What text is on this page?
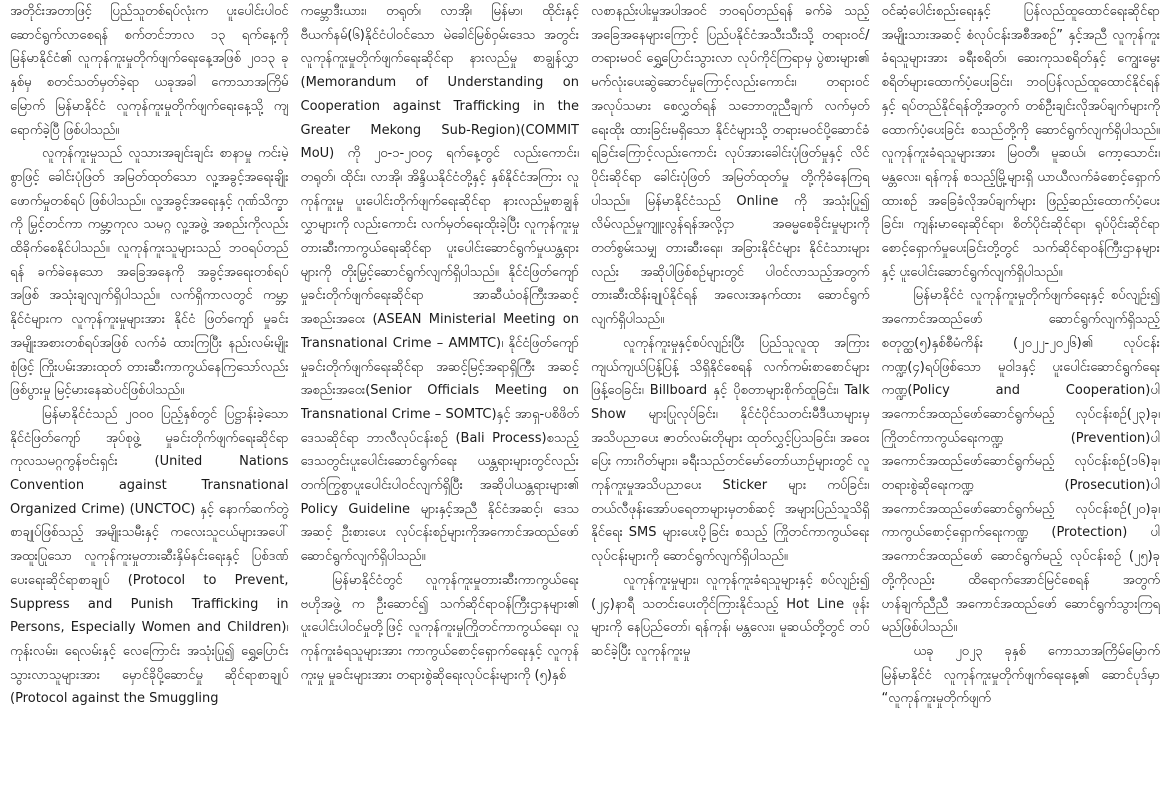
အတိုင်းအတာဖြင့် ပြည်သူတစ်ရပ်လုံးက ပူးပေါင်းပါဝင်ဆောင်ရွက်လာစေရန် စက်တင်ဘာလ ၁၃ ရက်နေ့ကို မြန်မာနိုင်ငံ၏ လူကုန်ကူးမှုတိုက်ဖျက်ရေးနေ့အဖြစ် ၂၀၁၃ ခုနှစ်မှ စတင်သတ်မှတ်ခဲ့ရာ ယခုအခါ ကောသာအကြိမ်မြောက် မြန်မာနိုင်ငံ လူကုန်ကူးမှုတိုက်ဖျက်ရေးနေ့သို့ ကျရောက်ခဲ့ပြီ ဖြစ်ပါသည်။

လူကုန်ကူးမှုသည် လူသားအချင်းချင်း စာနာမှု ကင်းမဲ့စွာဖြင့် ခေါင်းပုံဖြတ် အမြတ်ထုတ်သော လူ့အခွင့်အရေးချိုးဖောက်မှုတစ်ရပ် ဖြစ်ပါသည်။ လူ့အခွင့်အရေးနှင့် ဂုဏ်သိက္ခာကို မြှင့်တင်ကာ ကမ္ဘာ့ကုလ သမဂ္ဂ လူ့အဖွဲ့ အစည်းကိုလည်း ထိခိုက်စေနိုင်ပါသည်။ လူကုန်ကူးသူများသည် ဘဝရပ်တည်ရန် ခက်ခဲနေသော အခြေအနေကို အခွင့်အရေးတစ်ရပ် အဖြစ် အသုံးချလျက်ရှိပါသည်။ လက်ရှိကာလတွင် ကမ္ဘာ့နိုင်ငံများက လူကုန်ကူးမှုများအား နိုင်ငံ ဖြတ်ကျော် မှုခင်းအမျိုးအစားတစ်ရပ်အဖြစ် လက်ခံ ထားကြပြီး နည်းလမ်းမျိုးစုံဖြင့် ကြိုးပမ်းအားထုတ် တားဆီးကာကွယ်နေကြသော်လည်း ဖြစ်ပွားမှု မြင့်မားနေဆဲပင်ဖြစ်ပါသည်။

မြန်မာနိုင်ငံသည် ၂၀၀၀ ပြည့်နှစ်တွင် ပြဋ္ဌာန်းခဲ့သော နိုင်ငံဖြတ်ကျော် အုပ်စုဖွဲ့ မှုခင်းတိုက်ဖျက်ရေးဆိုင်ရာ ကုလသမဂ္ဂကွန်ဗင်းရှင်း (United Nations Convention against Transnational Organized Crime) (UNCTOC) နှင့် နောက်ဆက်တွဲစာချုပ်ဖြစ်သည့် အမျိုးသမီးနှင့် ကလေးသူငယ်များအပေါ် အထူးပြုသော လူကုန်ကူးမှုတားဆီးနှိမ်နင်းရေးနှင့် ပြစ်ဒဏ်ပေးရေးဆိုင်ရာစာချုပ် (Protocol to Prevent, Suppress and Punish Trafficking in Persons, Especially Women and Children)၊ ကုန်းလမ်း၊ ရေလမ်းနှင့် လေကြောင်း အသုံးပြု၍ ရွှေ့ပြောင်းသွားလာသူများအား မှောင်ခိုပို့ဆောင်မှု ဆိုင်ရာစာချုပ် (Protocol against the Smuggling

ကမ္ဘောဒီးယား၊ တရုတ်၊ လာအို၊ မြန်မာ၊ ထိုင်းနှင့် ဗီယက်နမ်(၆)နိုင်ငံပါဝင်သော မဲခေါင်မြစ်ဝှမ်းဒေသ အတွင်း လူကုန်ကူးမှုတိုက်ဖျက်ရေးဆိုင်ရာ နားလည်မှု စာချွန်လွှာ (Memorandum of Understanding on Cooperation against Trafficking in the Greater Mekong Sub-Region)(COMMIT MoU) ကို ၂၀-၁-၂၀၀၄ ရက်နေ့တွင် လည်းကောင်း၊ တရုတ်၊ ထိုင်း၊ လာအို၊ အိန္ဒိယနိုင်ငံတို့နှင့် နှစ်နိုင်ငံအကြား လူကုန်ကူးမှု ပူးပေါင်းတိုက်ဖျက်ရေးဆိုင်ရာ နားလည်မှုစာချွန်လွှာများကို လည်းကောင်း လက်မှတ်ရေးထိုးခဲ့ပြီး လူကုန်ကူးမှုတားဆီးကာကွယ်ရေးဆိုင်ရာ ပူးပေါင်းဆောင်ရွက်မှုယန္တရားများကို တိုးမြှင့်ဆောင်ရွက်လျက်ရှိပါသည်။ နိုင်ငံဖြတ်ကျော်မှုခင်းတိုက်ဖျက်ရေးဆိုင်ရာ အာဆီယံဝန်ကြီးအဆင့် အစည်းအဝေး (ASEAN Ministerial Meeting on Transnational Crime – AMMTC)၊ နိုင်ငံဖြတ်ကျော်မှုခင်းတိုက်ဖျက်ရေးဆိုင်ရာ အဆင့်မြင့်အရာရှိကြီး အဆင့်အစည်းအဝေး(Senior Officials Meeting on Transnational Crime – SOMTC)နှင့် အာရှ-ပစိဖိတ်ဒေသဆိုင်ရာ ဘာလီလုပ်ငန်းစဉ် (Bali Process)စသည့် ဒေသတွင်းပူးပေါင်းဆောင်ရွက်ရေး ယန္တရားများတွင်လည်း တက်ကြွစွာပူးပေါင်းပါဝင်လျက်ရှိပြီး အဆိုပါယန္တရားများ၏ Policy Guideline များနှင့်အညီ နိုင်ငံအဆင့်၊ ဒေသအဆင့် ဦးစားပေး လုပ်ငန်းစဉ်များကိုအကောင်အထည်ဖော် ဆောင်ရွက်လျက်ရှိပါသည်။

မြန်မာနိုင်ငံတွင် လူကုန်ကူးမှုတားဆီးကာကွယ်ရေးဗဟိုအဖွဲ့ က ဦးဆောင်၍ သက်ဆိုင်ရာဝန်ကြီးဌာနများ၏ ပူးပေါင်းပါဝင်မှုတို့ဖြင့် လူကုန်ကူးမှုကြိုတင်ကာကွယ်ရေး၊ လူကုန်ကူးခံရသူများအား ကာကွယ်စောင့်ရှောက်ရေးနှင့် လူကုန်ကူးမှု မှုခင်းများအား တရားစွဲဆိုရေးလုပ်ငန်းများကို (၅)နှစ်

လစာနည်းပါးမှုအပါအဝင် ဘဝရပ်တည်ရန် ခက်ခဲ သည့် အခြေအနေများကြောင့် ပြည်ပနိုင်ငံအသီးသီးသို့ တရားဝင်/တရားမဝင် ရွှေ့ပြောင်းသွားလာ လုပ်ကိုင်ကြရာမှ ပွဲစားများ၏ မက်လုံးပေးဆွဲဆောင်မှုကြောင့်လည်းကောင်း၊ တရားဝင်အလုပ်သမား စေလွှတ်ရန် သဘောတူညီချက် လက်မှတ်ရေးထိုး ထားခြင်းမရှိသော နိုင်ငံများသို့ တရားမဝင်ပို့ဆောင်ခံရခြင်းကြောင့်လည်းကောင်း လုပ်အားခေါင်းပုံဖြတ်မှုနှင့် လိင်ပိုင်းဆိုင်ရာ ခေါင်းပုံဖြတ် အမြတ်ထုတ်မှု တို့ကိုခံနေကြရပါသည်။ မြန်မာနိုင်ငံသည် Online ကို အသုံးပြု၍ လိမ်လည်မှုကျူးလွန်ရန်အလို့ငှာ အဓမ္မစေခိုင်းမှုများကို တတ်စွမ်းသမျှ တားဆီးရေး၊ အခြားနိုင်ငံများ နိုင်ငံသားများလည်း အဆိုပါဖြစ်စဉ်များတွင် ပါဝင်လာသည့်အတွက် တားဆီးထိန်းချုပ်နိုင်ရန် အလေးအနက်ထား ဆောင်ရွက်လျက်ရှိပါသည်။

လူကုန်ကူးမှုနှင့်စပ်လျဉ်းပြီး ပြည်သူလူထု အကြား ကျယ်ကျယ်ပြန့်ပြန့် သိရှိနိုင်စေရန် လက်ကမ်းစာစောင်များ ဖြန့်ဝေခြင်း၊ Billboard နှင့် ပိုစတာများစိုက်ထူခြင်း၊ Talk Show များပြုလုပ်ခြင်း၊ နိုင်ငံပိုင်သတင်းမီဒီယာများမှ အသိပညာပေး ဇာတ်လမ်းတိုများ ထုတ်လွှင့်ပြသခြင်း၊ အဝေးပြေး ကားဂိတ်များ၊ ခရီးသည်တင်မော်တော်ယာဉ်များတွင် လူကုန်ကူးမှုအသိပညာပေး Sticker များ ကပ်ခြင်း၊ တယ်လီဖုန်းအော်ပရေတာများမှတစ်ဆင့် အများပြည်သူသိရှိနိုင်ရေး SMS များပေးပို့ခြင်း စသည့် ကြိုတင်ကာကွယ်ရေးလုပ်ငန်းများကို ဆောင်ရွက်လျက်ရှိပါသည်။

လူကုန်ကူးမှုများ၊ လူကုန်ကူးခံရသူများနှင့် စပ်လျဉ်း၍ (၂၄)နာရီ သတင်းပေးတိုင်ကြားနိုင်သည့် Hot Line ဖုန်းများကို နေပြည်တော်၊ ရန်ကုန်၊ မန္တလေး၊ မူဆယ်တို့တွင် တပ်ဆင်ခဲ့ပြီး လူကုန်ကူးမှု

ဝင်ဆံ့ပေါင်းစည်းရေးနှင့် ပြန်လည်ထူထောင်ရေးဆိုင်ရာ အမျိုးသားအဆင့် စံလုပ်ငန်းအစီအစဉ်” နှင့်အညီ လူကုန်ကူးခံရသူများအား ခရီးစရိတ်၊ ဆေးကုသစရိတ်နှင့် ကျွေးမွေးစရိတ်များထောက်ပံ့ပေးခြင်း၊ ဘဝပြန်လည်ထူထောင်နိုင်ရန်နှင့် ရပ်တည်နိုင်ရန်တို့အတွက် တစ်ဦးချင်းလိုအပ်ချက်များကို ထောက်ပံ့ပေးခြင်း စသည်တို့ကို ဆောင်ရွက်လျက်ရှိပါသည်။ လူကုန်ကူးခံရသူများအား မြဝတီ၊ မူဆယ်၊ ကော့သောင်း၊ မန္တလေး၊ ရန်ကုန် စသည့်မြို့များရှိ ယာယီလက်ခံစောင့်ရှောက်ထားစဉ် အခြေခံလိုအပ်ချက်များ ဖြည့်ဆည်းထောက်ပံ့ပေးခြင်း၊ ကျန်းမာရေးဆိုင်ရာ၊ စိတ်ပိုင်းဆိုင်ရာ၊ ရုပ်ပိုင်းဆိုင်ရာ စောင့်ရှောက်မှုပေးခြင်းတို့တွင် သက်ဆိုင်ရာဝန်ကြီးဌာနများနှင့် ပူးပေါင်းဆောင်ရွက်လျက်ရှိပါသည်။

မြန်မာနိုင်ငံ လူကုန်ကူးမှုတိုက်ဖျက်ရေးနှင့် စပ်လျဉ်း၍ အကောင်အထည်ဖော် ဆောင်ရွက်လျက်ရှိသည့် စတုတ္ထ(၅)နှစ်စီမံကိန်း (၂၀၂၂-၂၀၂၆)၏ လုပ်ငန်းကဏ္ဍ(၄)ရပ်ဖြစ်သော မူဝါဒနှင့် ပူးပေါင်းဆောင်ရွက်ရေးကဏ္ဍ(Policy and Cooperation)ပါ အကောင်အထည်ဖော်ဆောင်ရွက်မည့် လုပ်ငန်းစဉ်(၂၃)ခု၊ ကြိုတင်ကာကွယ်ရေးကဏ္ဍ (Prevention)ပါ အကောင်အထည်ဖော်ဆောင်ရွက်မည့် လုပ်ငန်းစဉ်(၁၆)ခု၊ တရားစွဲဆိုရေးကဏ္ဍ (Prosecution)ပါ အကောင်အထည်ဖော်ဆောင်ရွက်မည့် လုပ်ငန်းစဉ်(၂၀)ခု၊ ကာကွယ်စောင့်ရှောက်ရေးကဏ္ဍ (Protection) ပါ အကောင်အထည်ဖော် ဆောင်ရွက်မည့် လုပ်ငန်းစဉ် (၂၅)ခုတို့ကိုလည်း ထိရောက်အောင်မြင်စေရန် အတွက် ဟန်ချက်ညီညီ အကောင်အထည်ဖော် ဆောင်ရွက်သွားကြရမည်ဖြစ်ပါသည်။

ယခု ၂၀၂၃ ခုနှစ် ကောသာအကြိမ်မြောက် မြန်မာနိုင်ငံ လူကုန်ကူးမှုတိုက်ဖျက်ရေးနေ့၏ ဆောင်ပုဒ်မှာ “လူကုန်ကူးမှုတိုက်ဖျက်
